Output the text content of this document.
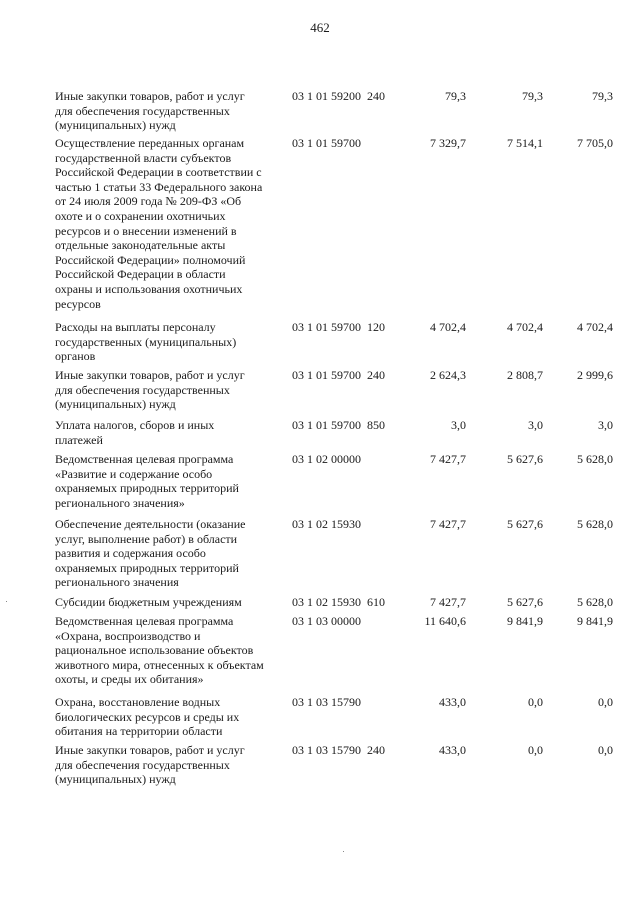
462
Иные закупки товаров, работ и услуг
для обеспечения государственных
(муниципальных) нужд
03 1 01 59200  240	79,3	79,3	79,3
Осуществление переданных органам
государственной власти субъектов
Российской Федерации в соответствии с
частью 1 статьи 33 Федерального закона
от 24 июля 2009 года № 209-ФЗ «Об
охоте и о сохранении охотничьих
ресурсов и о внесении изменений в
отдельные законодательные акты
Российской Федерации» полномочий
Российской Федерации в области
охраны и использования охотничьих
ресурсов
03 1 01 59700	7 329,7	7 514,1	7 705,0
Расходы на выплаты персоналу
государственных (муниципальных)
органов
03 1 01 59700  120	4 702,4	4 702,4	4 702,4
Иные закупки товаров, работ и услуг
для обеспечения государственных
(муниципальных) нужд
03 1 01 59700  240	2 624,3	2 808,7	2 999,6
Уплата налогов, сборов и иных
платежей
03 1 01 59700  850	3,0	3,0	3,0
Ведомственная целевая программа
«Развитие и содержание особо
охраняемых природных территорий
регионального значения»
03 1 02 00000	7 427,7	5 627,6	5 628,0
Обеспечение деятельности (оказание
услуг, выполнение работ) в области
развития и содержания особо
охраняемых природных территорий
регионального значения
03 1 02 15930	7 427,7	5 627,6	5 628,0
Субсидии бюджетным учреждениям	03 1 02 15930  610	7 427,7	5 627,6	5 628,0
Ведомственная целевая программа
«Охрана, воспроизводство и
рациональное использование объектов
животного мира, отнесенных к объектам
охоты, и среды их обитания»
03 1 03 00000	11 640,6	9 841,9	9 841,9
Охрана, восстановление водных
биологических ресурсов и среды их
обитания на территории области
03 1 03 15790	433,0	0,0	0,0
Иные закупки товаров, работ и услуг
для обеспечения государственных
(муниципальных) нужд
03 1 03 15790  240	433,0	0,0	0,0
